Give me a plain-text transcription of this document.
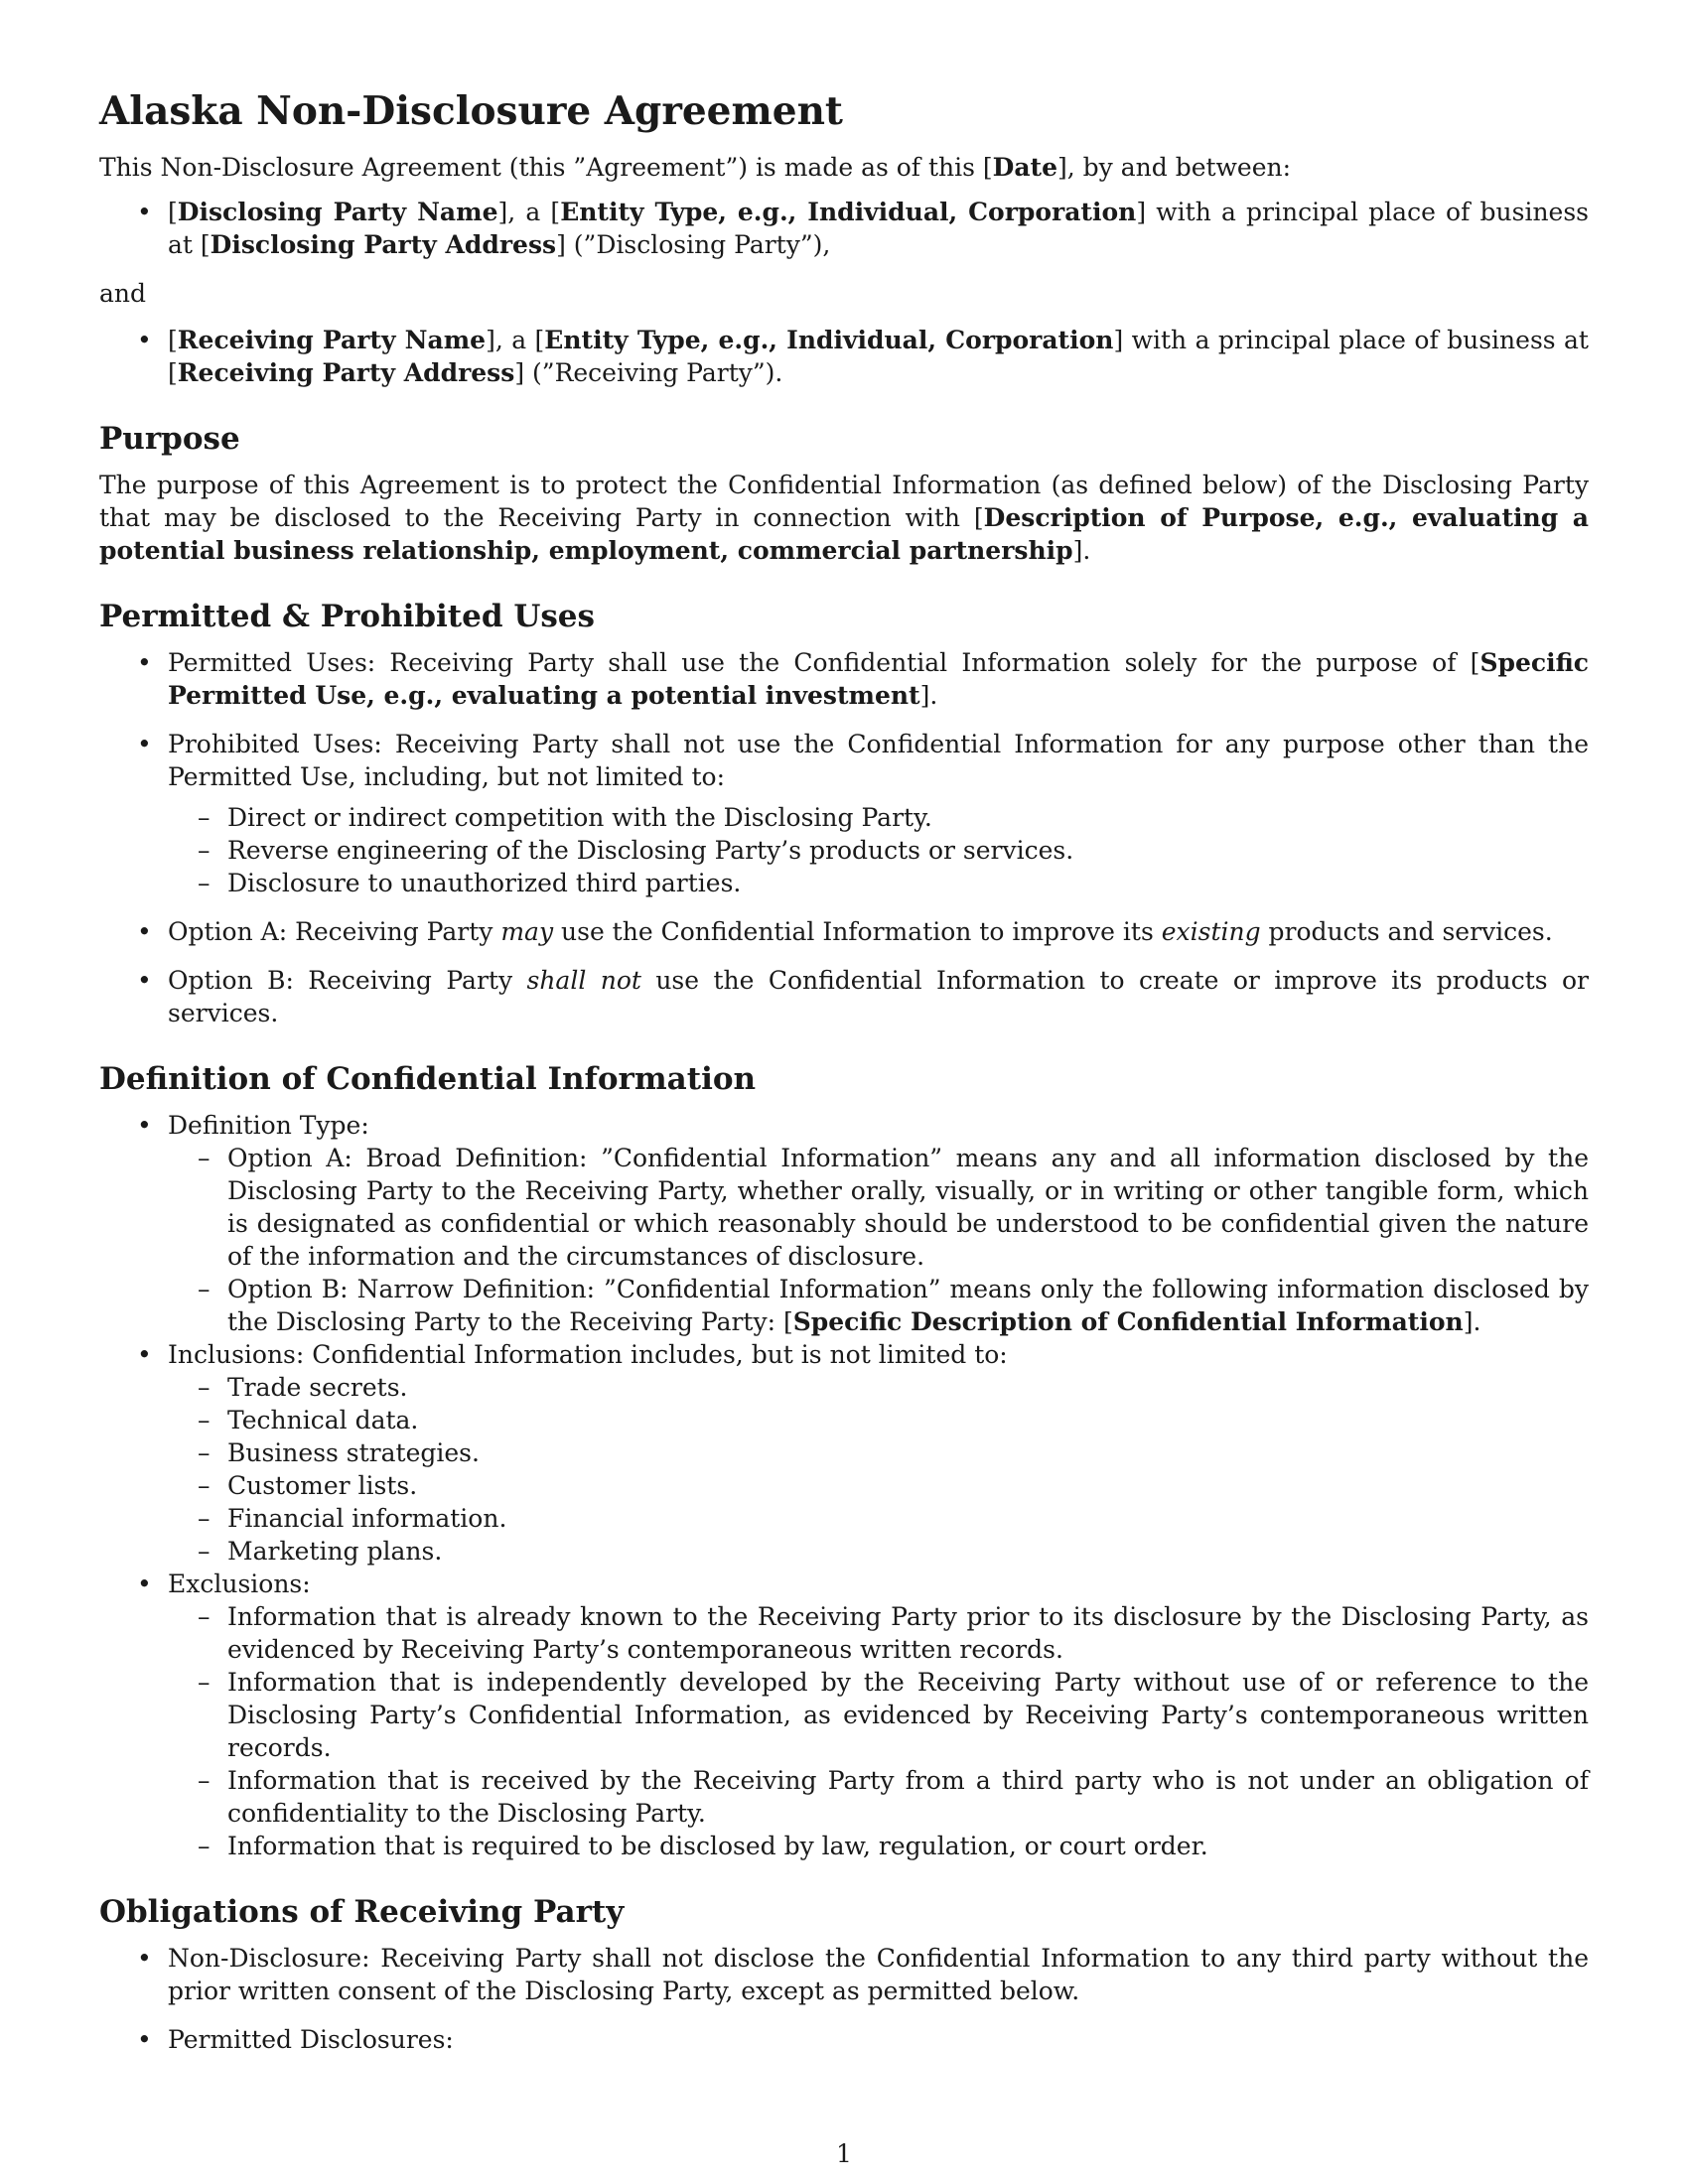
Alaska Non-Disclosure Agreement

This Non-Disclosure Agreement (this ”Agreement”) is made as of this [Date], by and between:

• [Disclosing Party Name], a [Entity Type, e.g., Individual, Corporation] with a principal place of business at [Disclosing Party Address] (”Disclosing Party”),

and

• [Receiving Party Name], a [Entity Type, e.g., Individual, Corporation] with a principal place of business at [Receiving Party Address] (”Receiving Party”).
Purpose

The purpose of this Agreement is to protect the Confidential Information (as defined below) of the Disclosing Party that may be disclosed to the Receiving Party in connection with [Description of Purpose, e.g., evaluating a potential business relationship, employment, commercial partnership].

Permitted & Prohibited Uses
• Permitted Uses: Receiving Party shall use the Confidential Information solely for the purpose of [Specific Permitted Use, e.g., evaluating a potential investment].
• Prohibited Uses: Receiving Party shall not use the Confidential Information for any purpose other than the Permitted Use, including, but not limited to:
– Direct or indirect competition with the Disclosing Party.
– Reverse engineering of the Disclosing Party’s products or services.
– Disclosure to unauthorized third parties.
• Option A: Receiving Party may use the Confidential Information to improve its existing products and services.
• Option B: Receiving Party shall not use the Confidential Information to create or improve its products or services.
Definition of Confidential Information
• Definition Type:
– Option A: Broad Definition: ”Confidential Information” means any and all information disclosed by the Disclosing Party to the Receiving Party, whether orally, visually, or in writing or other tangible form, which is designated as confidential or which reasonably should be understood to be confidential given the nature of the information and the circumstances of disclosure.
– Option B: Narrow Definition: ”Confidential Information” means only the following information disclosed by the Disclosing Party to the Receiving Party: [Specific Description of Confidential Information].
• Inclusions: Confidential Information includes, but is not limited to:
– Trade secrets.
– Technical data.
– Business strategies.
– Customer lists.
– Financial information.
– Marketing plans.
• Exclusions:
– Information that is already known to the Receiving Party prior to its disclosure by the Disclosing Party, as evidenced by Receiving Party’s contemporaneous written records.
– Information that is independently developed by the Receiving Party without use of or reference to the Disclosing Party’s Confidential Information, as evidenced by Receiving Party’s contemporaneous written records.
– Information that is received by the Receiving Party from a third party who is not under an obligation of confidentiality to the Disclosing Party.
– Information that is required to be disclosed by law, regulation, or court order.
Obligations of Receiving Party
• Non-Disclosure: Receiving Party shall not disclose the Confidential Information to any third party without the prior written consent of the Disclosing Party, except as permitted below.
• Permitted Disclosures:
1
